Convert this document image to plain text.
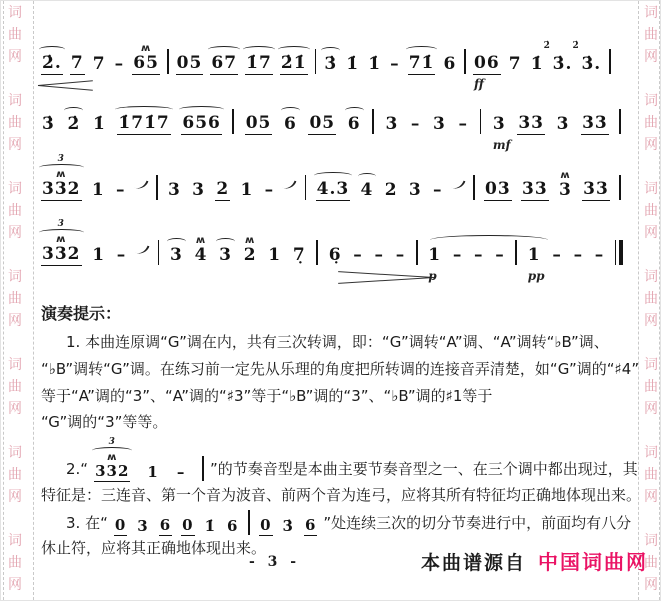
词
曲
网
词
曲
网
词
曲
网
词
曲
网
词
曲
网
词
曲
网
词
曲
网
词
曲
网
词
曲
网
词
曲
网
词
曲
网
词
曲
网
词
曲
网
词
曲
网
2̇. 7 7 – 65
ʍ
05 67 1̇7 2̇1̇ 3̇ 1̇ 1̇ – 71̇ 6 06
ff
7 1̇ 3̇.
2̇
3̇.
2̇
3̇ 2̇ 1̇ 1̇71̇7 656 05 6 05 6 3 – 3 – 3
mf
33 3 33
332
3
ʍ
1 –	3 3 2 1 –	4.3 4 2 3 –	03 33 3
ʍ
33
332
3
ʍ
1 –	3 4
ʍ
3 2
ʍ
1 7̣ 6̣ – – – 1
p
– – – 1
pp
– – –
演奏提示：
1. 本曲连原调“G”调在内，共有三次转调，即：“G”调转“A”调、“A”调转“♭B”调、
“♭B”调转“G”调。在练习前一定先从乐理的角度把所转调的连接音弄清楚，如“G”调的“♯4”
等于“A”调的“3”、“A”调的“♯3”等于“♭B”调的“3”、“♭B”调的♯1等于
“G”调的“3”等等。
2.“ 332
3
ʍ
1 – ”的节奏音型是本曲主要节奏音型之一、在三个调中都出现过，其
特征是：三连音、第一个音为波音、前两个音为连弓，应将其所有特征均正确地体现出来。
3. 在“ 0 3 6 0 1̇ 6 0 3̇ 6 ”处连续三次的切分节奏进行中，前面均有八分
休止符，应将其正确地体现出来。
- 3 -	本曲谱源自 中国词曲网
